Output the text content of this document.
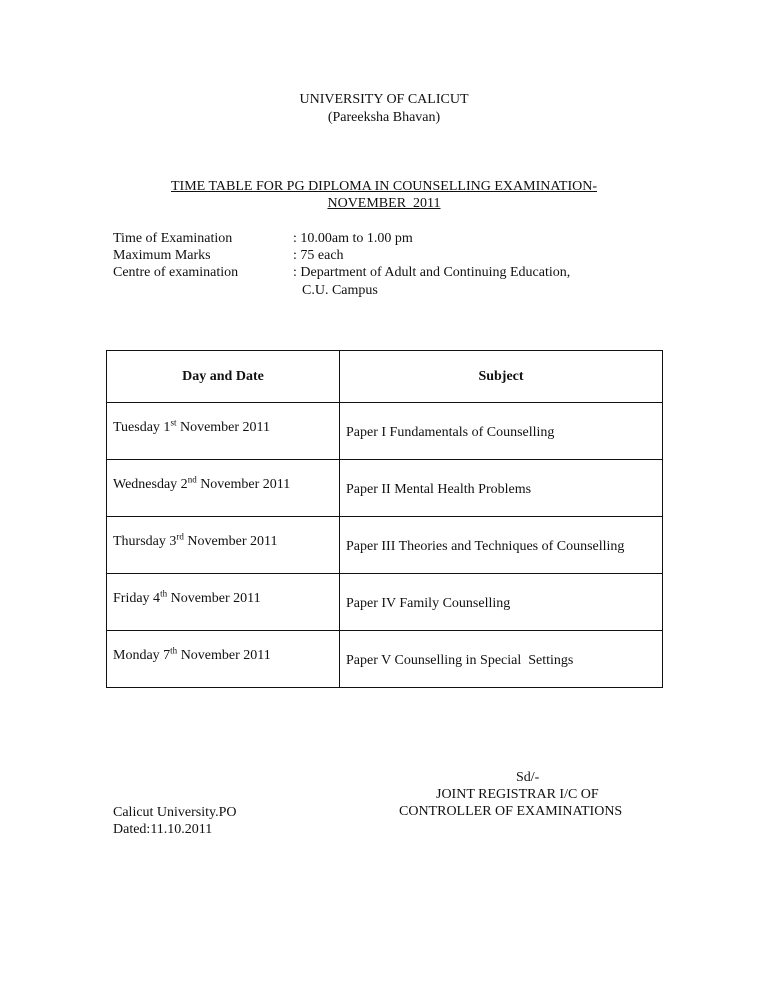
UNIVERSITY OF CALICUT
(Pareeksha Bhavan)
TIME TABLE FOR PG DIPLOMA IN COUNSELLING EXAMINATION-
NOVEMBER  2011
Time of Examination	: 10.00am to 1.00 pm
Maximum Marks	: 75 each
Centre of examination	: Department of Adult and Continuing Education,
C.U. Campus
Day and Date	Subject
Tuesday 1st November 2011	Paper I Fundamentals of Counselling
Wednesday 2nd November 2011	Paper II Mental Health Problems
Thursday 3rd November 2011	Paper III Theories and Techniques of Counselling
Friday 4th November 2011	Paper IV Family Counselling
Monday 7th November 2011	Paper V Counselling in Special  Settings
Sd/-
JOINT REGISTRAR I/C OF
CONTROLLER OF EXAMINATIONS
Calicut University.PO
Dated:11.10.2011
